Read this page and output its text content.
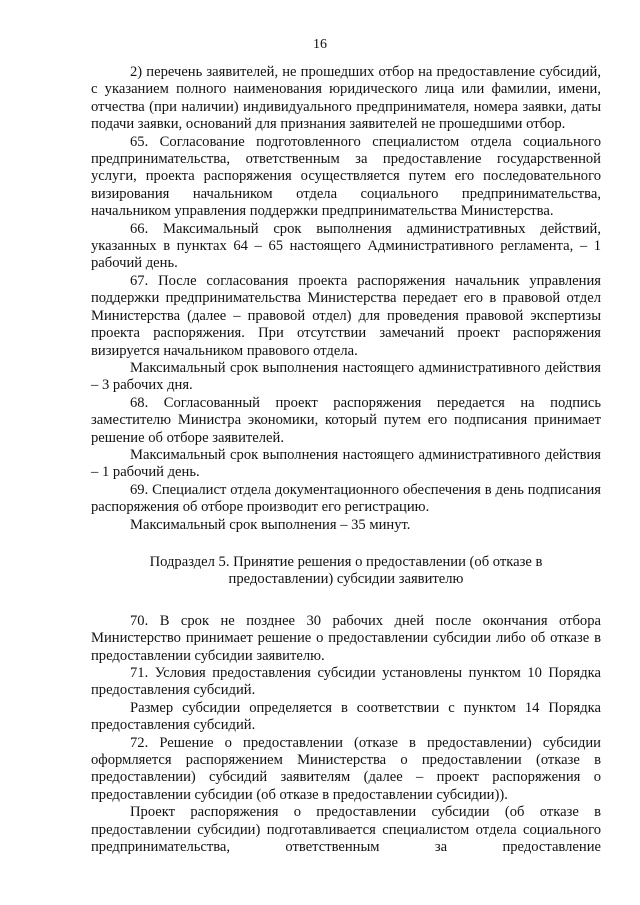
16

2) перечень заявителей, не прошедших отбор на предоставление субсидий, с указанием полного наименования юридического лица или фамилии, имени, отчества (при наличии) индивидуального предпринимателя, номера заявки, даты подачи заявки, оснований для признания заявителей не прошедшими отбор.

65. Согласование подготовленного специалистом отдела социального предпринимательства, ответственным за предоставление государственной услуги, проекта распоряжения осуществляется путем его последовательного визирования начальником отдела социального предпринимательства, начальником управления поддержки предпринимательства Министерства.

66. Максимальный срок выполнения административных действий, указанных в пунктах 64 – 65 настоящего Административного регламента, – 1 рабочий день.

67. После согласования проекта распоряжения начальник управления поддержки предпринимательства Министерства передает его в правовой отдел Министерства (далее – правовой отдел) для проведения правовой экспертизы проекта распоряжения. При отсутствии замечаний проект распоряжения визируется начальником правового отдела.

Максимальный срок выполнения настоящего административного действия – 3 рабочих дня.

68. Согласованный проект распоряжения передается на подпись заместителю Министра экономики, который путем его подписания принимает решение об отборе заявителей.

Максимальный срок выполнения настоящего административного действия – 1 рабочий день.

69. Специалист отдела документационного обеспечения в день подписания распоряжения об отборе производит его регистрацию.

Максимальный срок выполнения – 35 минут.

Подраздел 5. Принятие решения о предоставлении (об отказе в предоставлении) субсидии заявителю

70. В срок не позднее 30 рабочих дней после окончания отбора Министерство принимает решение о предоставлении субсидии либо об отказе в предоставлении субсидии заявителю.

71. Условия предоставления субсидии установлены пунктом 10 Порядка предоставления субсидий.

Размер субсидии определяется в соответствии с пунктом 14 Порядка предоставления субсидий.

72. Решение о предоставлении (отказе в предоставлении) субсидии оформляется распоряжением Министерства о предоставлении (отказе в предоставлении) субсидий заявителям (далее – проект распоряжения о предоставлении субсидии (об отказе в предоставлении субсидии)).

Проект распоряжения о предоставлении субсидии (об отказе в предоставлении субсидии) подготавливается специалистом отдела социального предпринимательства, ответственным за предоставление
